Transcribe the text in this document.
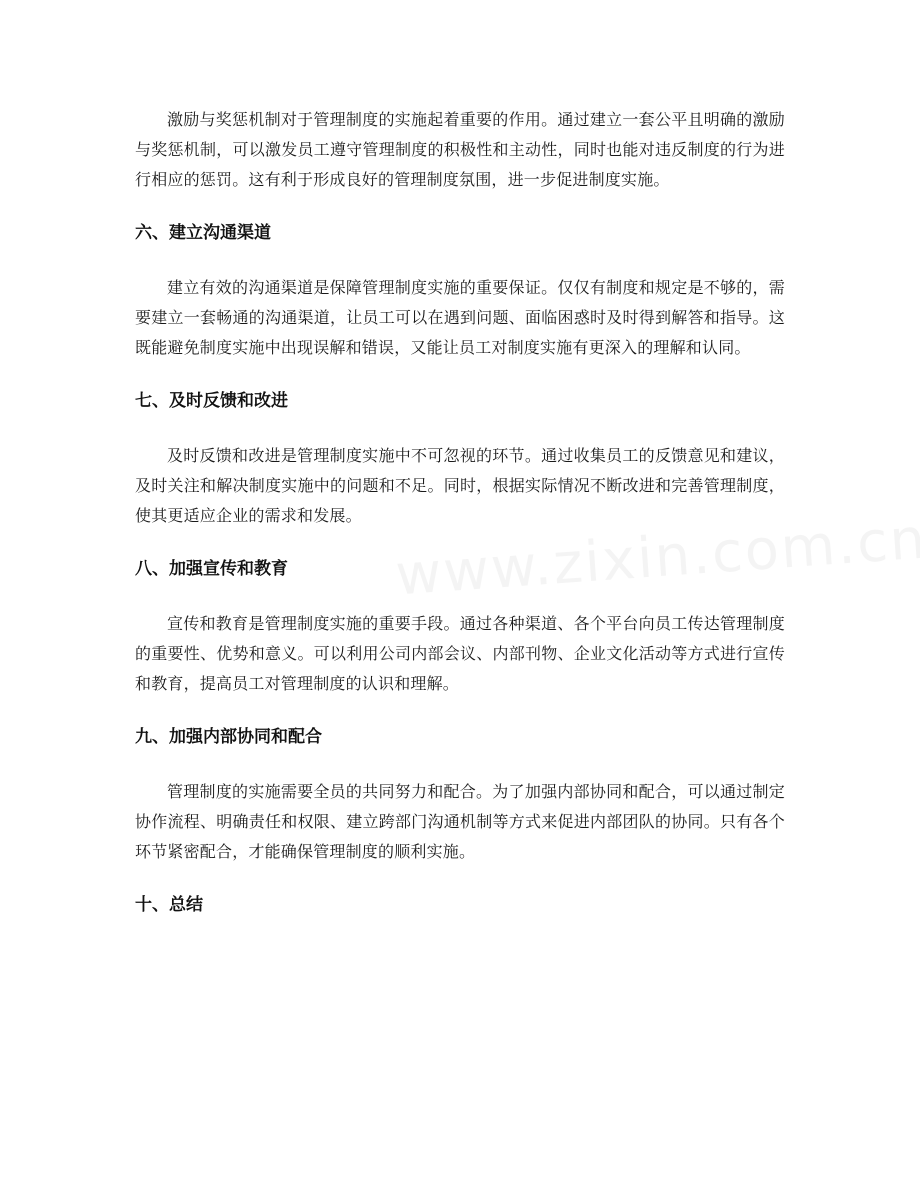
激励与奖惩机制对于管理制度的实施起着重要的作用。通过建立一套公平且明确的激励与奖惩机制，可以激发员工遵守管理制度的积极性和主动性，同时也能对违反制度的行为进行相应的惩罚。这有利于形成良好的管理制度氛围，进一步促进制度实施。

六、建立沟通渠道

建立有效的沟通渠道是保障管理制度实施的重要保证。仅仅有制度和规定是不够的，需要建立一套畅通的沟通渠道，让员工可以在遇到问题、面临困惑时及时得到解答和指导。这既能避免制度实施中出现误解和错误，又能让员工对制度实施有更深入的理解和认同。

七、及时反馈和改进

及时反馈和改进是管理制度实施中不可忽视的环节。通过收集员工的反馈意见和建议，及时关注和解决制度实施中的问题和不足。同时，根据实际情况不断改进和完善管理制度，使其更适应企业的需求和发展。

八、加强宣传和教育

宣传和教育是管理制度实施的重要手段。通过各种渠道、各个平台向员工传达管理制度的重要性、优势和意义。可以利用公司内部会议、内部刊物、企业文化活动等方式进行宣传和教育，提高员工对管理制度的认识和理解。

九、加强内部协同和配合

管理制度的实施需要全员的共同努力和配合。为了加强内部协同和配合，可以通过制定协作流程、明确责任和权限、建立跨部门沟通机制等方式来促进内部团队的协同。只有各个环节紧密配合，才能确保管理制度的顺利实施。

十、总结
